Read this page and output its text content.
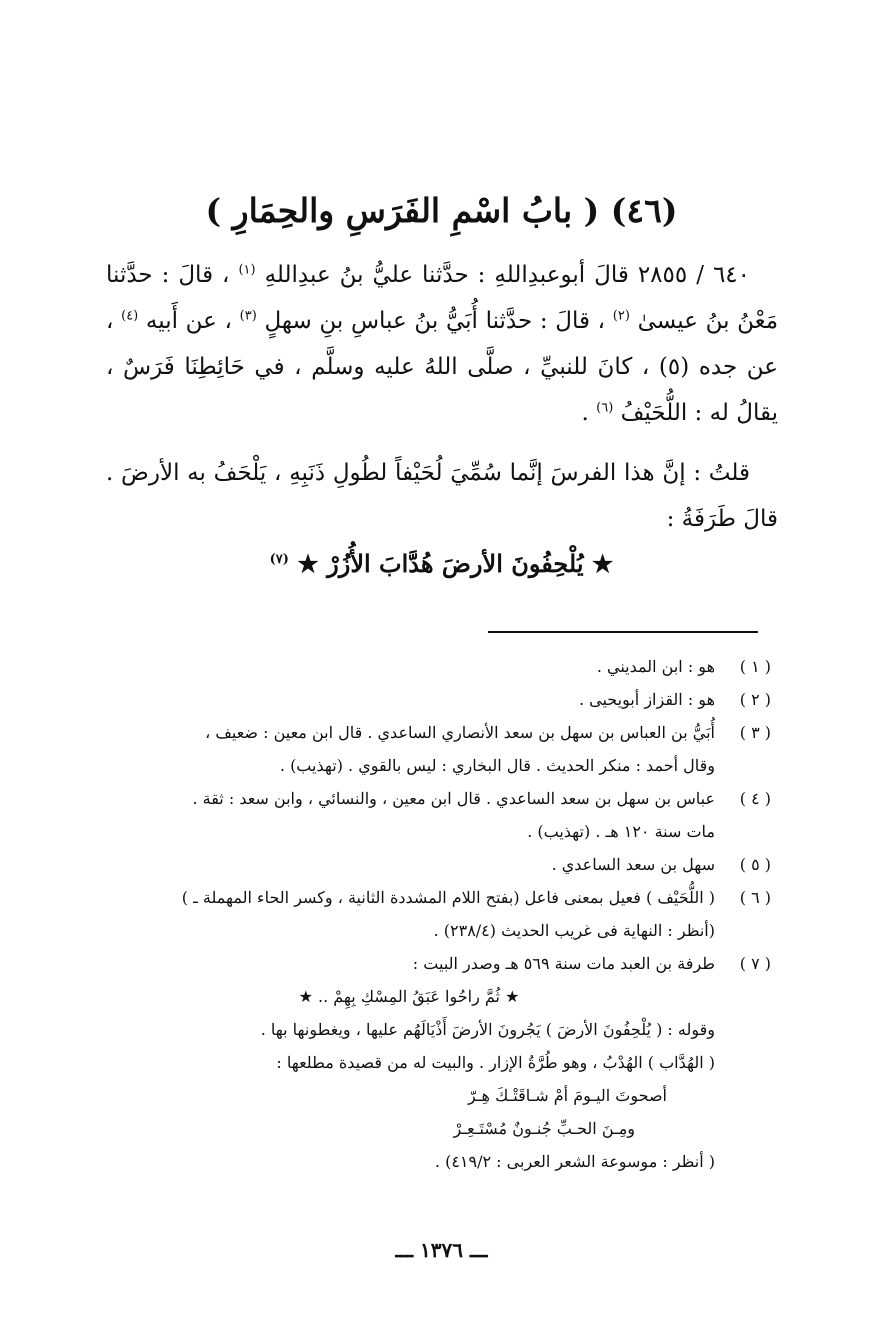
(٤٦) ( بابُ اسْمِ الفَرَسِ والحِمَارِ )

٦٤٠ / ٢٨٥٥ قالَ أبوعبدِاللهِ : حدَّثنا عليُّ بنُ عبدِاللهِ $^{(١)}$ ، قالَ : حدَّثنا مَعْنُ بنُ عيسىٰ $^{(٢)}$ ، قالَ : حدَّثنا أُبَيُّ بنُ عباسِ بنِ سهلٍ $^{(٣)}$ ، عن أَبيه $^{(٤)}$ ، عن جده (٥) ، كانَ للنبيِّ ، صلَّى اللهُ عليه وسلَّم ، في حَائِطِنَا فَرَسٌ ، يقالُ له : اللُّحَيْفُ $^{(٦)}$ .

قلتُ : إنَّ هذا الفرسَ إنَّما سُمِّيَ لُحَيْفاً لطُولِ ذَنَبِهِ ، يَلْحَفُ به الأرضَ . قالَ طَرَفَةُ :

★ يُلْحِفُونَ الأرضَ هُدَّابَ الأُزُرْ ★ $^{(٧)}$
( ١ )

هو : ابن المديني .

( ٢ )

هو : القزاز أبويحيى .

( ٣ )

أُبَيُّ بن العباس بن سهل بن سعد الأنصاري الساعدي . قال ابن معين : ضعيف ،

وقال أحمد : منكر الحديث . قال البخاري : ليس بالقوي . (تهذيب) .

( ٤ )

عباس بن سهل بن سعد الساعدي . قال ابن معين ، والنسائي ، وابن سعد : ثقة .

مات سنة ١٢٠ هـ . (تهذيب) .

( ٥ )

سهل بن سعد الساعدي .

( ٦ )

( اللُّحَيْف ) فعيل بمعنى فاعل (بفتح اللام المشددة الثانية ، وكسر الحاء المهملة ـ )

(أنظر : النهاية فى غريب الحديث (٢٣٨/٤) .

( ٧ )

طرفة بن العبد مات سنة ٥٦٩ هـ وصدر البيت :

★ ثُمَّ راحُوا عَبَقُ المِسْكِ بِهِمْ .. ★

وقوله : ( يُلْحِفُونَ الأرضَ ) يَجُرونَ الأرضَ أَذْيَالَهُم عليها ، ويغطونها بها .

( الهُدَّاب ) الهُدْبُ ، وهو طُرَّةُ الإزار . والبيت له من قصيدة مطلعها :

أصحوتَ اليـومَ أمْ شـاقَتْـكَ هِـرّ

ومِـنَ الحـبِّ جُنـونٌ مُسْتَـعِـرْ

( أنظر : موسوعة الشعر العربى : ٤١٩/٢) .

ـــ ١٣٧٦ ـــ
